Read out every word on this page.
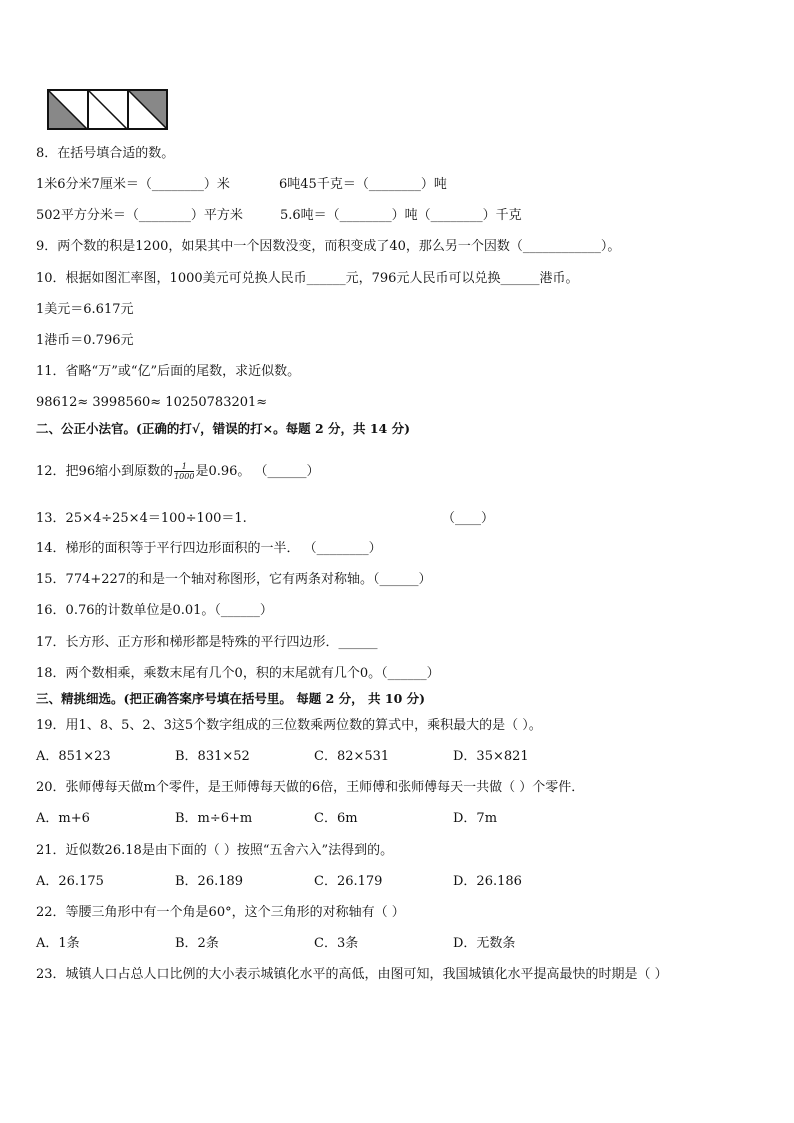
8．在括号填合适的数。
1米6分米7厘米＝（________）米	6吨45千克＝（________）吨
502平方分米＝（________）平方米	5.6吨＝（________）吨（________）千克
9．两个数的积是1200，如果其中一个因数没变，而积变成了40，那么另一个因数（____________）。
10．根据如图汇率图，1000美元可兑换人民币______元，796元人民币可以兑换______港币。
1美元＝6.617元
1港币＝0.796元
11．省略“万”或“亿”后面的尾数，求近似数。
98612≈ 3998560≈ 10250783201≈
二、公正小法官。(正确的打√，错误的打×。每题 2 分，共 14 分)
12．把96缩小到原数的 $\frac{1}{1000}$ 是0.96。 （______）
13．25×4÷25×4＝100÷100＝1.	（____）
14．梯形的面积等于平行四边形面积的一半． （________）
15．774+227的和是一个轴对称图形，它有两条对称轴。（______）
16．0.76的计数单位是0.01。（______）
17．长方形、正方形和梯形都是特殊的平行四边形．______
18．两个数相乘，乘数末尾有几个0，积的末尾就有几个0。（______）
三、精挑细选。(把正确答案序号填在括号里。 每题 2 分， 共 10 分)
19．用1、8、5、2、3这5个数字组成的三位数乘两位数的算式中，乘积最大的是（ ）。
A．851×23	B．831×52	C．82×531	D．35×821
20．张师傅每天做m个零件，是王师傅每天做的6倍，王师傅和张师傅每天一共做（ ）个零件．
A．m+6	B．m÷6+m	C．6m	D．7m
21．近似数26.18是由下面的（ ）按照“五舍六入”法得到的。
A．26.175	B．26.189	C．26.179	D．26.186
22．等腰三角形中有一个角是60°，这个三角形的对称轴有（ ）
A．1条	B．2条	C．3条	D．无数条
23．城镇人口占总人口比例的大小表示城镇化水平的高低，由图可知，我国城镇化水平提高最快的时期是（ ）
